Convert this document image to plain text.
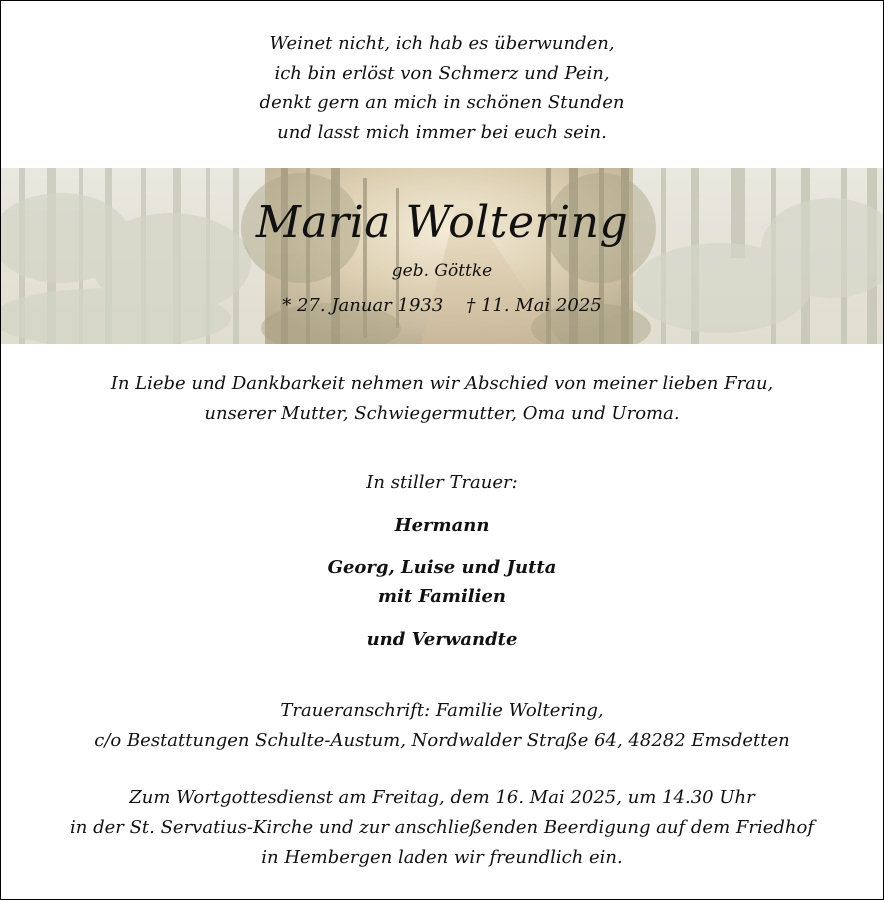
Weinet nicht, ich hab es überwunden,
ich bin erlöst von Schmerz und Pein,
denkt gern an mich in schönen Stunden
und lasst mich immer bei euch sein.
Maria Woltering
geb. Göttke
* 27. Januar 1933 † 11. Mai 2025
In Liebe und Dankbarkeit nehmen wir Abschied von meiner lieben Frau,
unserer Mutter, Schwiegermutter, Oma und Uroma.
In stiller Trauer:
Hermann
Georg, Luise und Jutta
mit Familien
und Verwandte
Traueranschrift: Familie Woltering,
c/o Bestattungen Schulte-Austum, Nordwalder Straße 64, 48282 Emsdetten
Zum Wortgottesdienst am Freitag, dem 16. Mai 2025, um 14.30 Uhr
in der St. Servatius-Kirche und zur anschließenden Beerdigung auf dem Friedhof
in Hembergen laden wir freundlich ein.
